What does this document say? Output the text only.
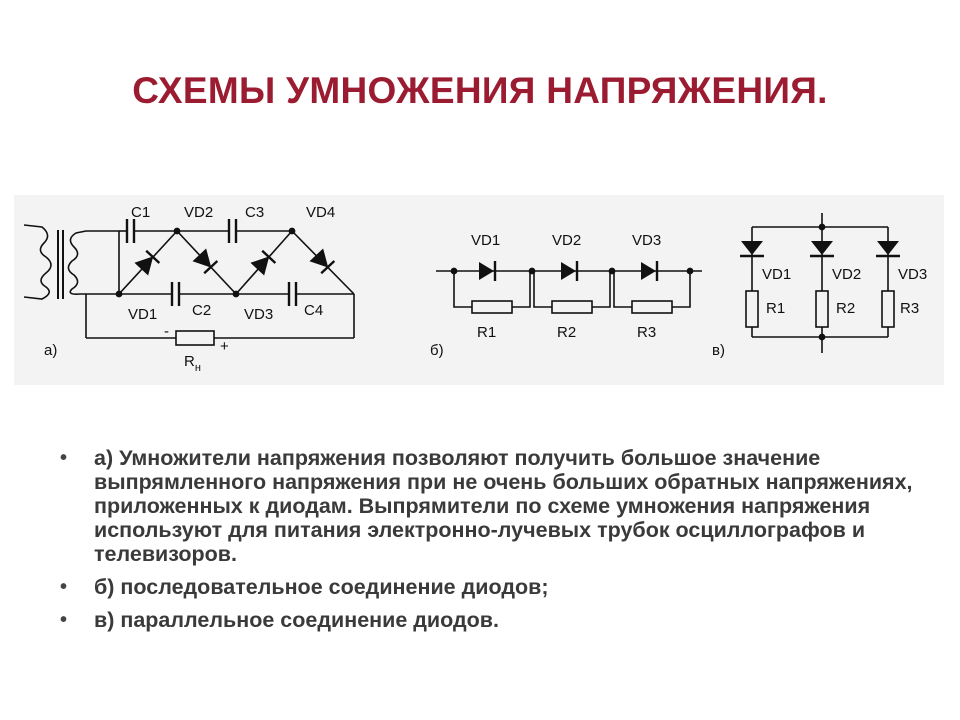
СХЕМЫ УМНОЖЕНИЯ НАПРЯЖЕНИЯ.
C1 VD2 C3	VD4
VD1 C2 VD3 C4
-
+
$R_н$
а)
VD1	VD2	VD3
R1	R2	R3
б)
VD1	VD2 VD3
R1	R2	R3
в)
• а) Умножители напряжения позволяют получить большое значение выпрямленного напряжения при не очень больших обратных напряжениях, приложенных к диодам. Выпрямители по схеме умножения напряжения используют для питания электронно-лучевых трубок осциллографов и телевизоров.
• б) последовательное соединение диодов;
• в) параллельное соединение диодов.
